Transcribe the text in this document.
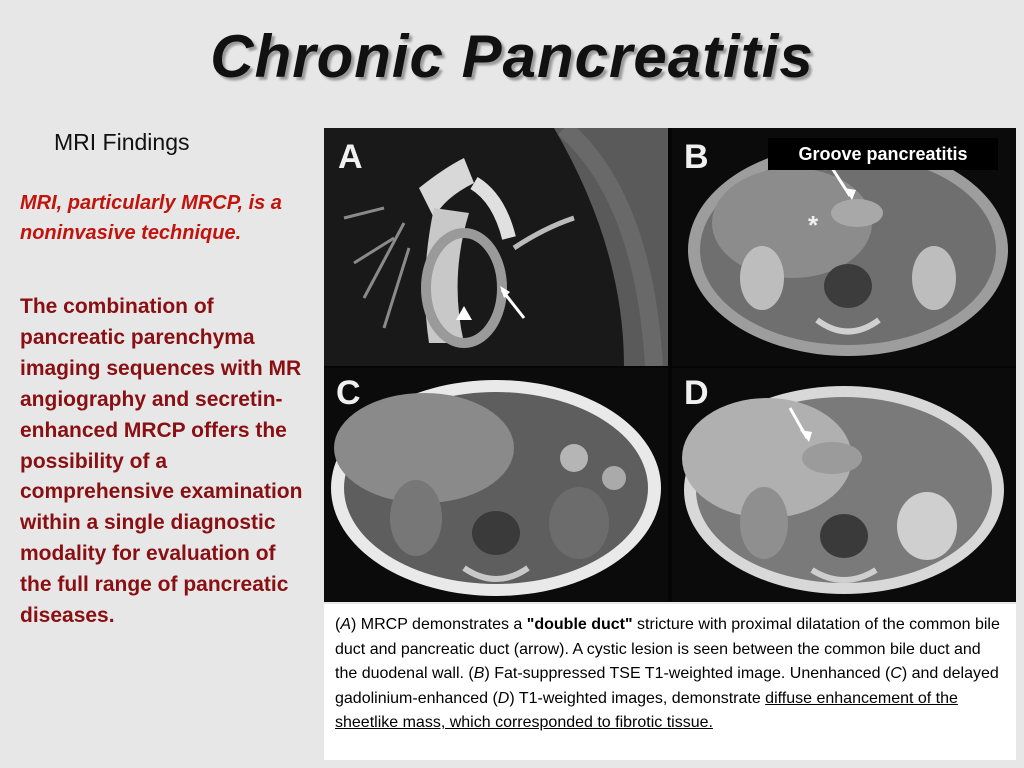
Chronic Pancreatitis
MRI Findings
MRI, particularly MRCP, is a noninvasive technique.
The combination of pancreatic parenchyma imaging sequences with MR angiography and secretin-enhanced MRCP offers the possibility of a comprehensive examination within a single diagnostic modality for evaluation of the full range of pancreatic diseases.
A	B
*
C	D
Groove pancreatitis
(A) MRCP demonstrates a "double duct" stricture with proximal dilatation of the common bile duct and pancreatic duct (arrow). A cystic lesion is seen between the common bile duct and the duodenal wall. (B) Fat-suppressed TSE T1-weighted image. Unenhanced (C) and delayed gadolinium-enhanced (D) T1-weighted images, demonstrate diffuse enhancement of the sheetlike mass, which corresponded to fibrotic tissue.
